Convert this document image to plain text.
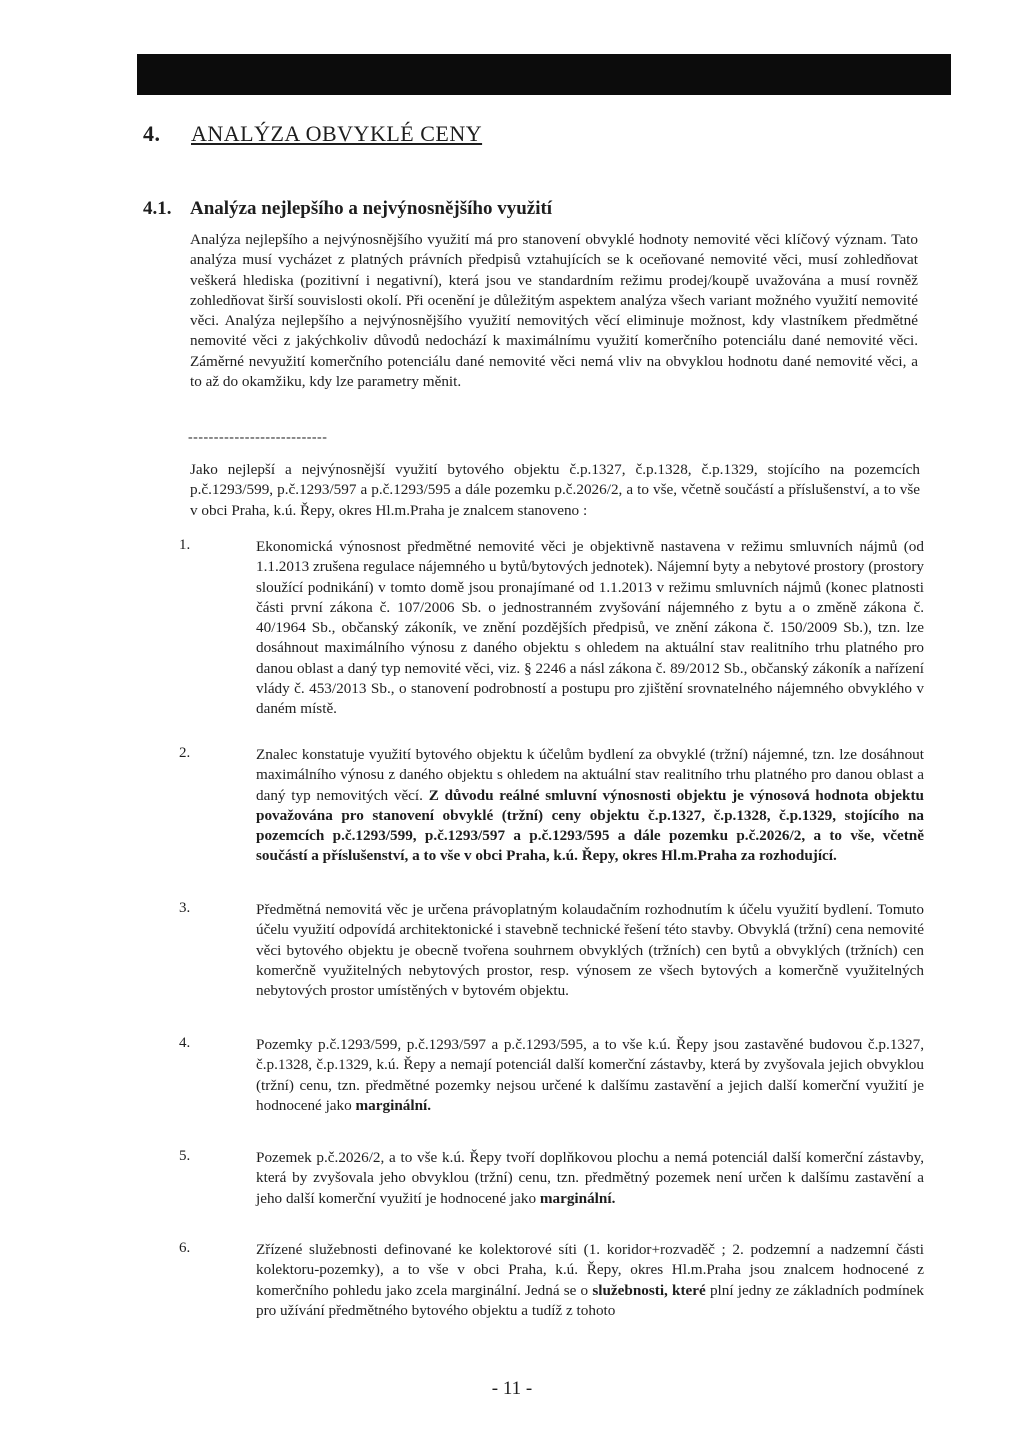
4. ANALÝZA OBVYKLÉ CENY
4.1. Analýza nejlepšího a nejvýnosnějšího využití
Analýza nejlepšího a nejvýnosnějšího využití má pro stanovení obvyklé hodnoty nemovité věci klíčový význam. Tato analýza musí vycházet z platných právních předpisů vztahujících se k oceňované nemovité věci, musí zohledňovat veškerá hlediska (pozitivní i negativní), která jsou ve standardním režimu prodej/koupě uvažována a musí rovněž zohledňovat širší souvislosti okolí. Při ocenění je důležitým aspektem analýza všech variant možného využití nemovité věci. Analýza nejlepšího a nejvýnosnějšího využití nemovitých věcí eliminuje možnost, kdy vlastníkem předmětné nemovité věci z jakýchkoliv důvodů nedochází k maximálnímu využití komerčního potenciálu dané nemovité věci. Záměrné nevyužití komerčního potenciálu dané nemovité věci nemá vliv na obvyklou hodnotu dané nemovité věci, a to až do okamžiku, kdy lze parametry měnit.
---------------------------
Jako nejlepší a nejvýnosnější využití bytového objektu č.p.1327, č.p.1328, č.p.1329, stojícího na pozemcích p.č.1293/599, p.č.1293/597 a p.č.1293/595 a dále pozemku p.č.2026/2, a to vše, včetně součástí a příslušenství, a to vše v obci Praha, k.ú. Řepy, okres Hl.m.Praha je znalcem stanoveno :
1.	Ekonomická výnosnost předmětné nemovité věci je objektivně nastavena v režimu smluvních nájmů (od 1.1.2013 zrušena regulace nájemného u bytů/bytových jednotek). Nájemní byty a nebytové prostory (prostory sloužící podnikání) v tomto domě jsou pronajímané od 1.1.2013 v režimu smluvních nájmů (konec platnosti části první zákona č. 107/2006 Sb. o jednostranném zvyšování nájemného z bytu a o změně zákona č. 40/1964 Sb., občanský zákoník, ve znění pozdějších předpisů, ve znění zákona č. 150/2009 Sb.), tzn. lze dosáhnout maximálního výnosu z daného objektu s ohledem na aktuální stav realitního trhu platného pro danou oblast a daný typ nemovité věci, viz. § 2246 a násl zákona č. 89/2012 Sb., občanský zákoník a nařízení vlády č. 453/2013 Sb., o stanovení podrobností a postupu pro zjištění srovnatelného nájemného obvyklého v daném místě.
2.	Znalec konstatuje využití bytového objektu k účelům bydlení za obvyklé (tržní) nájemné, tzn. lze dosáhnout maximálního výnosu z daného objektu s ohledem na aktuální stav realitního trhu platného pro danou oblast a daný typ nemovitých věcí. Z důvodu reálné smluvní výnosnosti objektu je výnosová hodnota objektu považována pro stanovení obvyklé (tržní) ceny objektu č.p.1327, č.p.1328, č.p.1329, stojícího na pozemcích p.č.1293/599, p.č.1293/597 a p.č.1293/595 a dále pozemku p.č.2026/2, a to vše, včetně součástí a příslušenství, a to vše v obci Praha, k.ú. Řepy, okres Hl.m.Praha za rozhodující.
3.	Předmětná nemovitá věc je určena právoplatným kolaudačním rozhodnutím k účelu využití bydlení. Tomuto účelu využití odpovídá architektonické i stavebně technické řešení této stavby. Obvyklá (tržní) cena nemovité věci bytového objektu je obecně tvořena souhrnem obvyklých (tržních) cen bytů a obvyklých (tržních) cen komerčně využitelných nebytových prostor, resp. výnosem ze všech bytových a komerčně využitelných nebytových prostor umístěných v bytovém objektu.
4.	Pozemky p.č.1293/599, p.č.1293/597 a p.č.1293/595, a to vše k.ú. Řepy jsou zastavěné budovou č.p.1327, č.p.1328, č.p.1329, k.ú. Řepy a nemají potenciál další komerční zástavby, která by zvyšovala jejich obvyklou (tržní) cenu, tzn. předmětné pozemky nejsou určené k dalšímu zastavění a jejich další komerční využití je hodnocené jako marginální.
5.	Pozemek p.č.2026/2, a to vše k.ú. Řepy tvoří doplňkovou plochu a nemá potenciál další komerční zástavby, která by zvyšovala jeho obvyklou (tržní) cenu, tzn. předmětný pozemek není určen k dalšímu zastavění a jeho další komerční využití je hodnocené jako marginální.
6.	Zřízené služebnosti definované ke kolektorové síti (1. koridor+rozvaděč ; 2. podzemní a nadzemní části kolektoru-pozemky), a to vše v obci Praha, k.ú. Řepy, okres Hl.m.Praha jsou znalcem hodnocené z komerčního pohledu jako zcela marginální. Jedná se o služebnosti, které plní jedny ze základních podmínek pro užívání předmětného bytového objektu a tudíž z tohoto
- 11 -
